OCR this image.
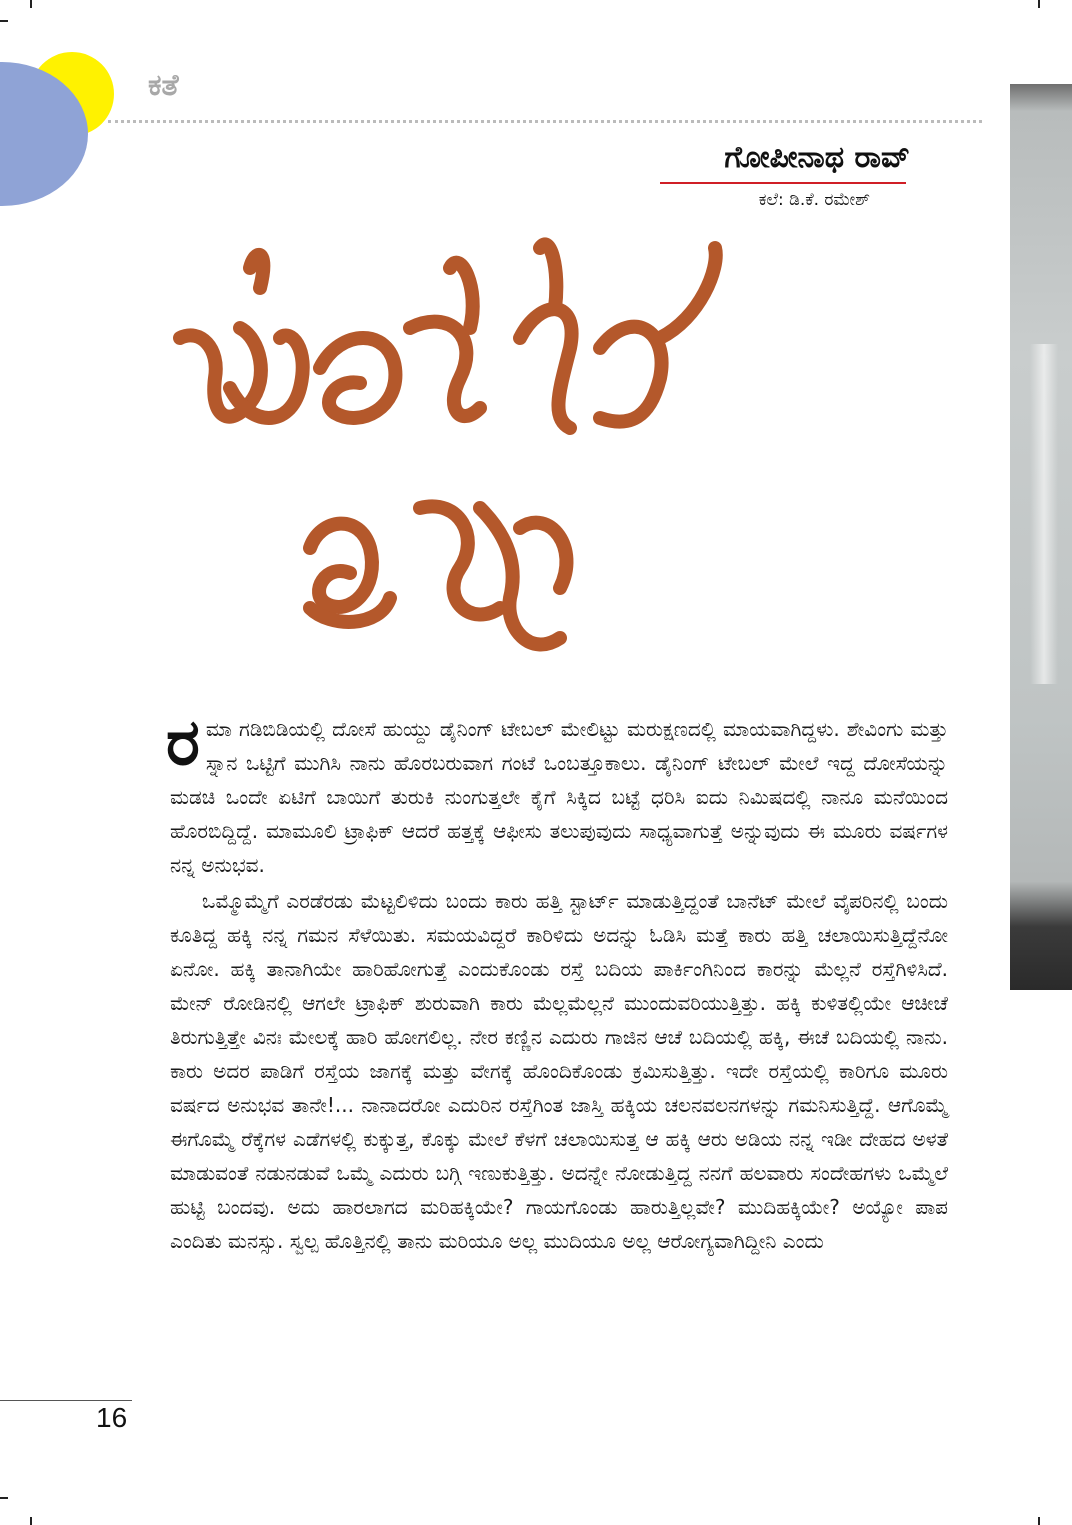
ಕತೆ
ಗೋಪೀನಾಥ ರಾವ್
ಕಲೆ: ಡಿ.ಕೆ. ರಮೇಶ್

ರಮಾ ಗಡಿಬಿಡಿಯಲ್ಲಿ ದೋಸೆ ಹುಯ್ದು ಡೈನಿಂಗ್ ಟೇಬಲ್ ಮೇಲಿಟ್ಟು ಮರುಕ್ಷಣದಲ್ಲಿ ಮಾಯವಾಗಿದ್ದಳು. ಶೇವಿಂಗು ಮತ್ತು ಸ್ನಾನ ಒಟ್ಟಿಗೆ ಮುಗಿಸಿ ನಾನು ಹೊರಬರುವಾಗ ಗಂಟೆ ಒಂಬತ್ತೂಕಾಲು. ಡೈನಿಂಗ್ ಟೇಬಲ್ ಮೇಲೆ ಇದ್ದ ದೋಸೆಯನ್ನು ಮಡಚಿ ಒಂದೇ ಏಟಿಗೆ ಬಾಯಿಗೆ ತುರುಕಿ ನುಂಗುತ್ತಲೇ ಕೈಗೆ ಸಿಕ್ಕಿದ ಬಟ್ಟೆ ಧರಿಸಿ ಐದು ನಿಮಿಷದಲ್ಲಿ ನಾನೂ ಮನೆಯಿಂದ ಹೊರಬಿದ್ದಿದ್ದೆ. ಮಾಮೂಲಿ ಟ್ರಾಫಿಕ್ ಆದರೆ ಹತ್ತಕ್ಕೆ ಆಫೀಸು ತಲುಪುವುದು ಸಾಧ್ಯವಾಗುತ್ತೆ ಅನ್ನುವುದು ಈ ಮೂರು ವರ್ಷಗಳ ನನ್ನ ಅನುಭವ.

ಒಮ್ಮೊಮ್ಮೆಗೆ ಎರಡೆರಡು ಮೆಟ್ಟಲಿಳಿದು ಬಂದು ಕಾರು ಹತ್ತಿ ಸ್ಟಾರ್ಟ್ ಮಾಡುತ್ತಿದ್ದಂತೆ ಬಾನೆಟ್ ಮೇಲೆ ವೈಪರಿನಲ್ಲಿ ಬಂದು ಕೂತಿದ್ದ ಹಕ್ಕಿ ನನ್ನ ಗಮನ ಸೆಳೆಯಿತು. ಸಮಯವಿದ್ದರೆ ಕಾರಿಳಿದು ಅದನ್ನು ಓಡಿಸಿ ಮತ್ತೆ ಕಾರು ಹತ್ತಿ ಚಲಾಯಿಸುತ್ತಿದ್ದೆನೋ ಏನೋ. ಹಕ್ಕಿ ತಾನಾಗಿಯೇ ಹಾರಿಹೋಗುತ್ತೆ ಎಂದುಕೊಂಡು ರಸ್ತೆ ಬದಿಯ ಪಾರ್ಕಿಂಗಿನಿಂದ ಕಾರನ್ನು ಮೆಲ್ಲನೆ ರಸ್ತೆಗಿಳಿಸಿದೆ. ಮೇನ್ ರೋಡಿನಲ್ಲಿ ಆಗಲೇ ಟ್ರಾಫಿಕ್ ಶುರುವಾಗಿ ಕಾರು ಮೆಲ್ಲಮೆಲ್ಲನೆ ಮುಂದುವರಿಯುತ್ತಿತ್ತು. ಹಕ್ಕಿ ಕುಳಿತಲ್ಲಿಯೇ ಆಚೀಚೆ ತಿರುಗುತ್ತಿತ್ತೇ ವಿನಃ ಮೇಲಕ್ಕೆ ಹಾರಿ ಹೋಗಲಿಲ್ಲ. ನೇರ ಕಣ್ಣಿನ ಎದುರು ಗಾಜಿನ ಆಚೆ ಬದಿಯಲ್ಲಿ ಹಕ್ಕಿ, ಈಚೆ ಬದಿಯಲ್ಲಿ ನಾನು. ಕಾರು ಅದರ ಪಾಡಿಗೆ ರಸ್ತೆಯ ಜಾಗಕ್ಕೆ ಮತ್ತು ವೇಗಕ್ಕೆ ಹೊಂದಿಕೊಂಡು ಕ್ರಮಿಸುತ್ತಿತ್ತು. ಇದೇ ರಸ್ತೆಯಲ್ಲಿ ಕಾರಿಗೂ ಮೂರು ವರ್ಷದ ಅನುಭವ ತಾನೇ!... ನಾನಾದರೋ ಎದುರಿನ ರಸ್ತೆಗಿಂತ ಜಾಸ್ತಿ ಹಕ್ಕಿಯ ಚಲನವಲನಗಳನ್ನು ಗಮನಿಸುತ್ತಿದ್ದೆ. ಆಗೊಮ್ಮೆ ಈಗೊಮ್ಮೆ ರೆಕ್ಕೆಗಳ ಎಡೆಗಳಲ್ಲಿ ಕುಕ್ಕುತ್ತ, ಕೊಕ್ಕು ಮೇಲೆ ಕೆಳಗೆ ಚಲಾಯಿಸುತ್ತ ಆ ಹಕ್ಕಿ ಆರು ಅಡಿಯ ನನ್ನ ಇಡೀ ದೇಹದ ಅಳತೆ ಮಾಡುವಂತೆ ನಡುನಡುವೆ ಒಮ್ಮೆ ಎದುರು ಬಗ್ಗಿ ಇಣುಕುತ್ತಿತ್ತು. ಅದನ್ನೇ ನೋಡುತ್ತಿದ್ದ ನನಗೆ ಹಲವಾರು ಸಂದೇಹಗಳು ಒಮ್ಮೆಲೆ ಹುಟ್ಟಿ ಬಂದವು. ಅದು ಹಾರಲಾಗದ ಮರಿಹಕ್ಕಿಯೇ? ಗಾಯಗೊಂಡು ಹಾರುತ್ತಿಲ್ಲವೇ? ಮುದಿಹಕ್ಕಿಯೇ? ಅಯ್ಯೋ ಪಾಪ ಎಂದಿತು ಮನಸ್ಸು. ಸ್ವಲ್ಪ ಹೊತ್ತಿನಲ್ಲಿ ತಾನು ಮರಿಯೂ ಅಲ್ಲ ಮುದಿಯೂ ಅಲ್ಲ ಆರೋಗ್ಯವಾಗಿದ್ದೀನಿ ಎಂದು

16
